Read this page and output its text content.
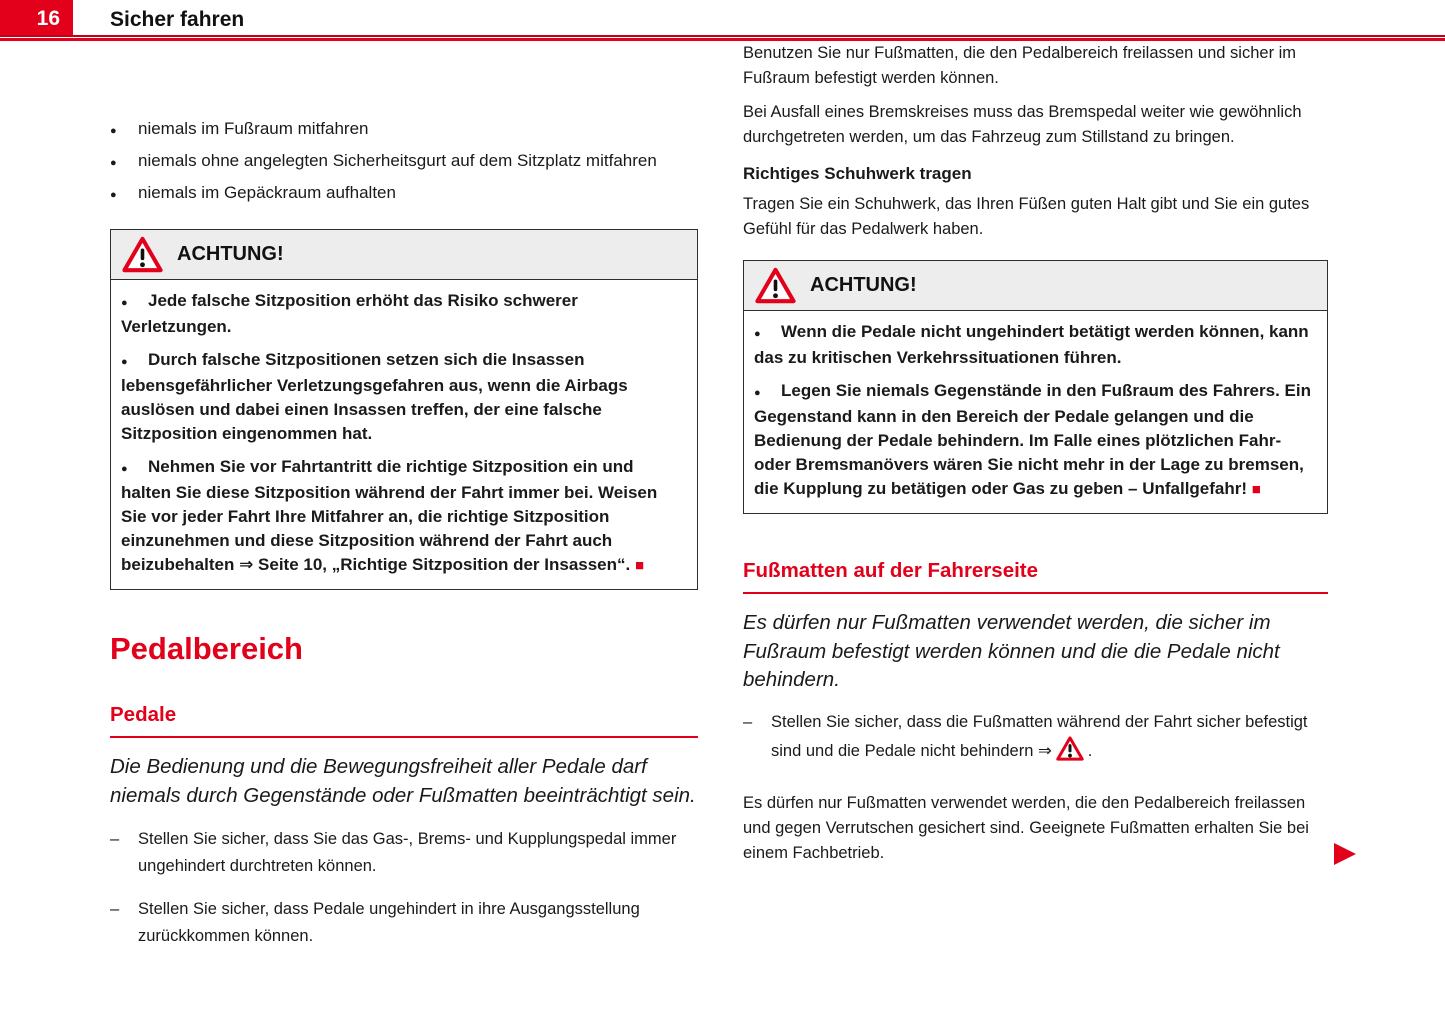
16	Sicher fahren
●	niemals im Fußraum mitfahren
●	niemals ohne angelegten Sicherheitsgurt auf dem Sitzplatz mitfahren
●	niemals im Gepäckraum aufhalten
ACHTUNG!

● Jede falsche Sitzposition erhöht das Risiko schwerer Verletzungen.

● Durch falsche Sitzpositionen setzen sich die Insassen lebensgefährlicher Verletzungsgefahren aus, wenn die Airbags auslösen und dabei einen Insassen treffen, der eine falsche Sitzposition eingenommen hat.

● Nehmen Sie vor Fahrtantritt die richtige Sitzposition ein und halten Sie diese Sitzposition während der Fahrt immer bei. Weisen Sie vor jeder Fahrt Ihre Mitfahrer an, die richtige Sitzposition einzunehmen und diese Sitzposition während der Fahrt auch beizubehalten ⇒ Seite 10, „Richtige Sitzposition der Insassen“. ■

Pedalbereich
Pedale

Die Bedienung und die Bewegungsfreiheit aller Pedale darf niemals durch Gegenstände oder Fußmatten beeinträchtigt sein.

–	Stellen Sie sicher, dass Sie das Gas-, Brems- und Kupplungspedal immer ungehindert durchtreten können.
–	Stellen Sie sicher, dass Pedale ungehindert in ihre Ausgangsstellung zurückkommen können.

Benutzen Sie nur Fußmatten, die den Pedalbereich freilassen und sicher im Fußraum befestigt werden können.

Bei Ausfall eines Bremskreises muss das Bremspedal weiter wie gewöhnlich durchgetreten werden, um das Fahrzeug zum Stillstand zu bringen.

Richtiges Schuhwerk tragen

Tragen Sie ein Schuhwerk, das Ihren Füßen guten Halt gibt und Sie ein gutes Gefühl für das Pedalwerk haben.

ACHTUNG!

● Wenn die Pedale nicht ungehindert betätigt werden können, kann das zu kritischen Verkehrssituationen führen.

● Legen Sie niemals Gegenstände in den Fußraum des Fahrers. Ein Gegenstand kann in den Bereich der Pedale gelangen und die Bedienung der Pedale behindern. Im Falle eines plötzlichen Fahr- oder Bremsmanövers wären Sie nicht mehr in der Lage zu bremsen, die Kupplung zu betätigen oder Gas zu geben – Unfallgefahr! ■

Fußmatten auf der Fahrerseite

Es dürfen nur Fußmatten verwendet werden, die sicher im Fußraum befestigt werden können und die die Pedale nicht behindern.

–	Stellen Sie sicher, dass die Fußmatten während der Fahrt sicher befestigt sind und die Pedale nicht behindern ⇒ .

Es dürfen nur Fußmatten verwendet werden, die den Pedalbereich freilassen und gegen Verrutschen gesichert sind. Geeignete Fußmatten erhalten Sie bei einem Fachbetrieb.
